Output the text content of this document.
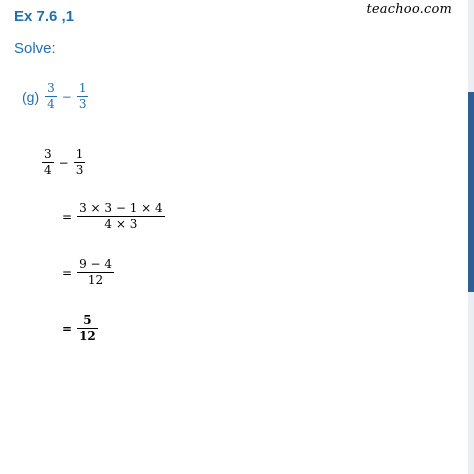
Ex 7.6 ,1	teachoo.com
Solve:
$(g) \frac{3}{4} - \frac{1}{3}$
$\frac{3}{4} - \frac{1}{3}$
= $\frac{3 \times 3 - 1 \times 4}{4 \times 3}$
= $\frac{9 - 4}{12}$
= $\frac{5}{12}$
